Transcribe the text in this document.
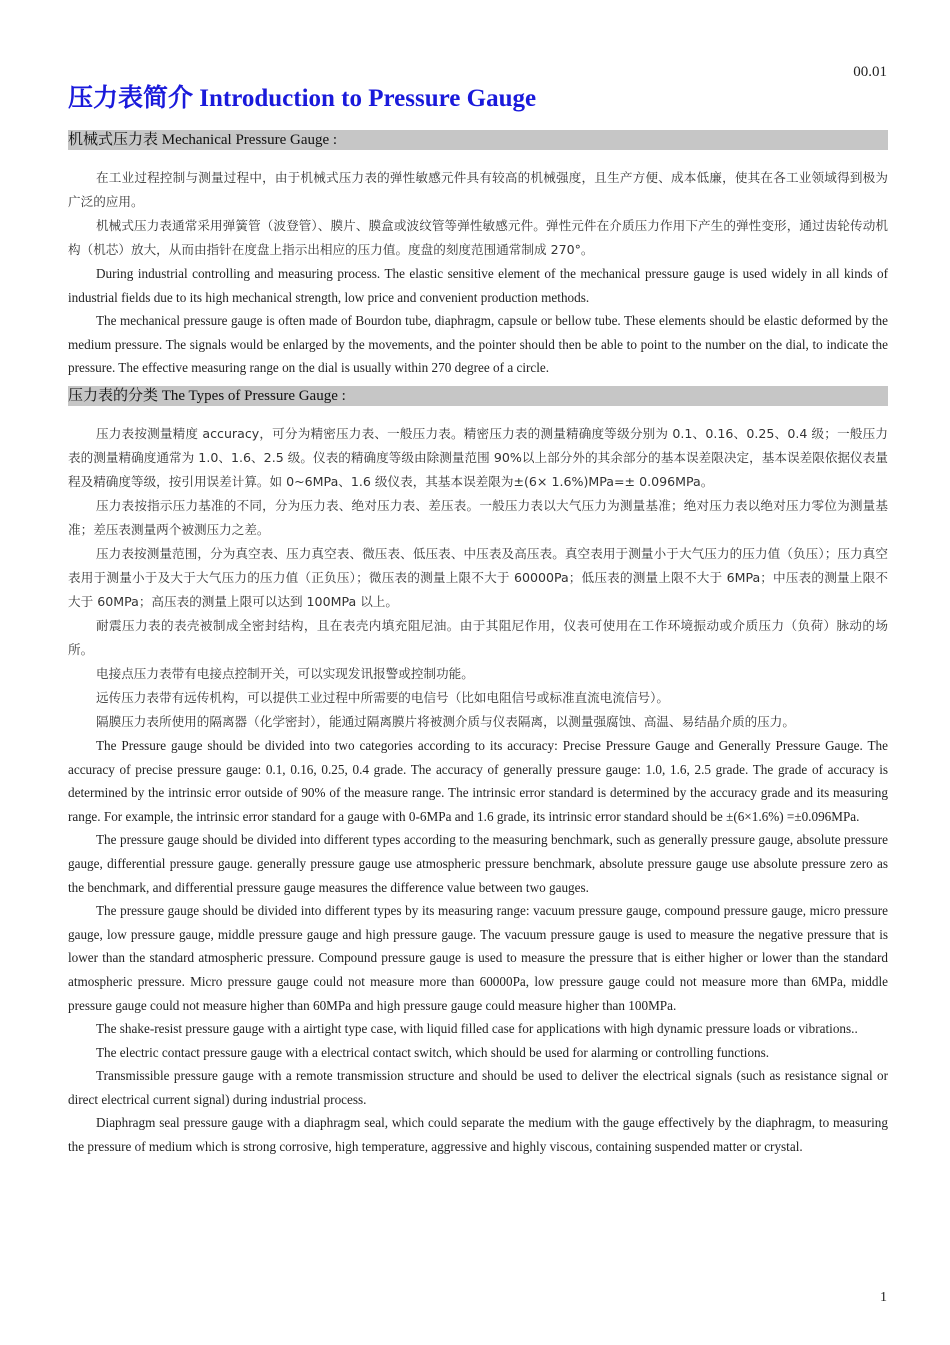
00.01
压力表简介 Introduction to Pressure Gauge
机械式压力表 Mechanical Pressure Gauge :

在工业过程控制与测量过程中，由于机械式压力表的弹性敏感元件具有较高的机械强度，且生产方便、成本低廉，使其在各工业领域得到极为广泛的应用。

机械式压力表通常采用弹簧管（波登管）、膜片、膜盒或波纹管等弹性敏感元件。弹性元件在介质压力作用下产生的弹性变形，通过齿轮传动机构（机芯）放大，从而由指针在度盘上指示出相应的压力值。度盘的刻度范围通常制成 270°。

During industrial controlling and measuring process. The elastic sensitive element of the mechanical pressure gauge is used widely in all kinds of industrial fields due to its high mechanical strength, low price and convenient production methods.

The mechanical pressure gauge is often made of Bourdon tube, diaphragm, capsule or bellow tube. These elements should be elastic deformed by the medium pressure. The signals would be enlarged by the movements, and the pointer should then be able to point to the number on the dial, to indicate the pressure. The effective measuring range on the dial is usually within 270 degree of a circle.

压力表的分类 The Types of Pressure Gauge :

压力表按测量精度 accuracy，可分为精密压力表、一般压力表。精密压力表的测量精确度等级分别为 0.1、0.16、0.25、0.4 级；一般压力表的测量精确度通常为 1.0、1.6、2.5 级。仪表的精确度等级由除测量范围 90%以上部分外的其余部分的基本误差限决定，基本误差限依据仪表量程及精确度等级，按引用误差计算。如 0~6MPa、1.6 级仪表，其基本误差限为±(6× 1.6%)MPa=± 0.096MPa。

压力表按指示压力基准的不同，分为压力表、绝对压力表、差压表。一般压力表以大气压力为测量基准；绝对压力表以绝对压力零位为测量基准；差压表测量两个被测压力之差。

压力表按测量范围，分为真空表、压力真空表、微压表、低压表、中压表及高压表。真空表用于测量小于大气压力的压力值（负压）；压力真空表用于测量小于及大于大气压力的压力值（正负压）；微压表的测量上限不大于 60000Pa；低压表的测量上限不大于 6MPa；中压表的测量上限不大于 60MPa；高压表的测量上限可以达到 100MPa 以上。

耐震压力表的表壳被制成全密封结构，且在表壳内填充阻尼油。由于其阻尼作用，仪表可使用在工作环境振动或介质压力（负荷）脉动的场所。

电接点压力表带有电接点控制开关，可以实现发讯报警或控制功能。

远传压力表带有远传机构，可以提供工业过程中所需要的电信号（比如电阻信号或标准直流电流信号）。

隔膜压力表所使用的隔离器（化学密封），能通过隔离膜片将被测介质与仪表隔离，以测量强腐蚀、高温、易结晶介质的压力。

The Pressure gauge should be divided into two categories according to its accuracy: Precise Pressure Gauge and Generally Pressure Gauge. The accuracy of precise pressure gauge: 0.1, 0.16, 0.25, 0.4 grade. The accuracy of generally pressure gauge: 1.0, 1.6, 2.5 grade. The grade of accuracy is determined by the intrinsic error outside of 90% of the measure range. The intrinsic error standard is determined by the accuracy grade and its measuring range. For example, the intrinsic error standard for a gauge with 0-6MPa and 1.6 grade, its intrinsic error standard should be ±(6×1.6%) =±0.096MPa.

The pressure gauge should be divided into different types according to the measuring benchmark, such as generally pressure gauge, absolute pressure gauge, differential pressure gauge. generally pressure gauge use atmospheric pressure benchmark, absolute pressure gauge use absolute pressure zero as the benchmark, and differential pressure gauge measures the difference value between two gauges.

The pressure gauge should be divided into different types by its measuring range: vacuum pressure gauge, compound pressure gauge, micro pressure gauge, low pressure gauge, middle pressure gauge and high pressure gauge. The vacuum pressure gauge is used to measure the negative pressure that is lower than the standard atmospheric pressure. Compound pressure gauge is used to measure the pressure that is either higher or lower than the standard atmospheric pressure. Micro pressure gauge could not measure more than 60000Pa, low pressure gauge could not measure more than 6MPa, middle pressure gauge could not measure higher than 60MPa and high pressure gauge could measure higher than 100MPa.

The shake-resist pressure gauge with a airtight type case, with liquid filled case for applications with high dynamic pressure loads or vibrations..

The electric contact pressure gauge with a electrical contact switch, which should be used for alarming or controlling functions.

Transmissible pressure gauge with a remote transmission structure and should be used to deliver the electrical signals (such as resistance signal or direct electrical current signal) during industrial process.

Diaphragm seal pressure gauge with a diaphragm seal, which could separate the medium with the gauge effectively by the diaphragm, to measuring the pressure of medium which is strong corrosive, high temperature, aggressive and highly viscous, containing suspended matter or crystal.

1
